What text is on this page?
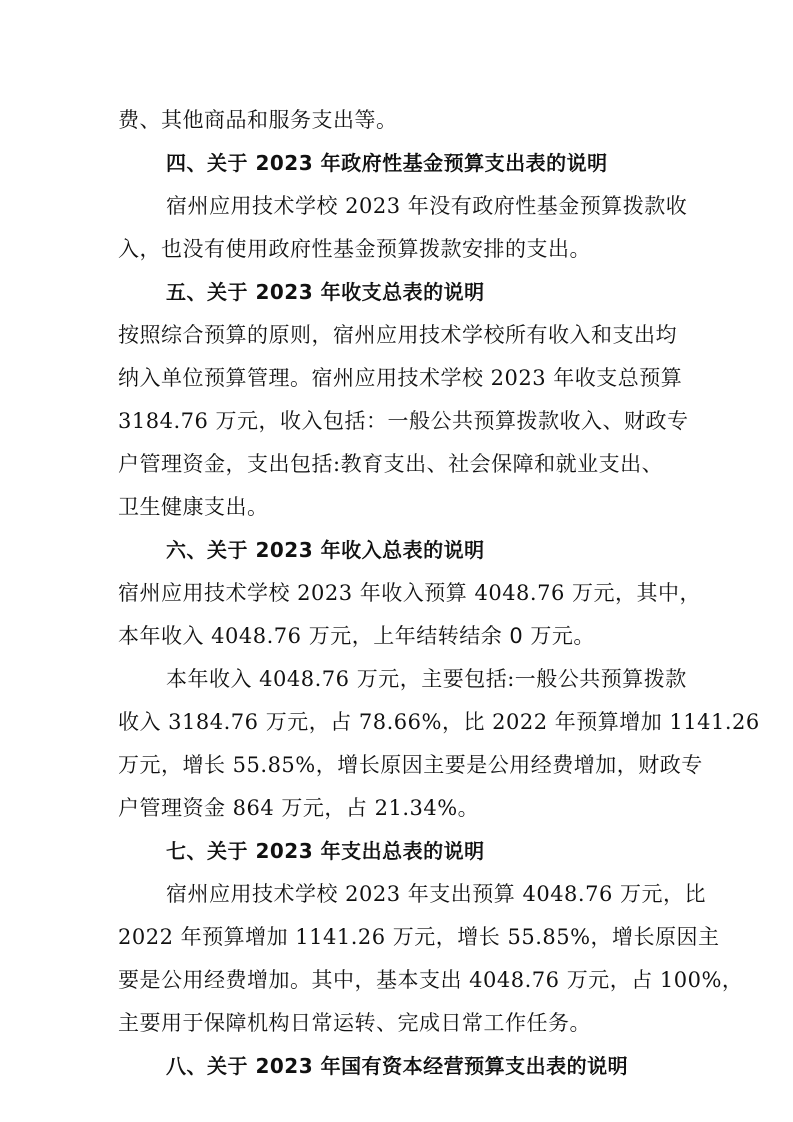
费、其他商品和服务支出等。
四、关于 2023 年政府性基金预算支出表的说明
宿州应用技术学校 2023 年没有政府性基金预算拨款收
入，也没有使用政府性基金预算拨款安排的支出。
五、关于 2023 年收支总表的说明
按照综合预算的原则，宿州应用技术学校所有收入和支出均
纳入单位预算管理。宿州应用技术学校 2023 年收支总预算
3184.76 万元，收入包括：一般公共预算拨款收入、财政专
户管理资金，支出包括:教育支出、社会保障和就业支出、
卫生健康支出。
六、关于 2023 年收入总表的说明
宿州应用技术学校 2023 年收入预算 4048.76 万元，其中，
本年收入 4048.76 万元，上年结转结余 0 万元。
本年收入 4048.76 万元，主要包括:一般公共预算拨款
收入 3184.76 万元，占 78.66%，比 2022 年预算增加 1141.26
万元，增长 55.85%，增长原因主要是公用经费增加，财政专
户管理资金 864 万元，占 21.34%。
七、关于 2023 年支出总表的说明
宿州应用技术学校 2023 年支出预算 4048.76 万元，比
2022 年预算增加 1141.26 万元，增长 55.85%，增长原因主
要是公用经费增加。其中，基本支出 4048.76 万元，占 100%，
主要用于保障机构日常运转、完成日常工作任务。
八、关于 2023 年国有资本经营预算支出表的说明
